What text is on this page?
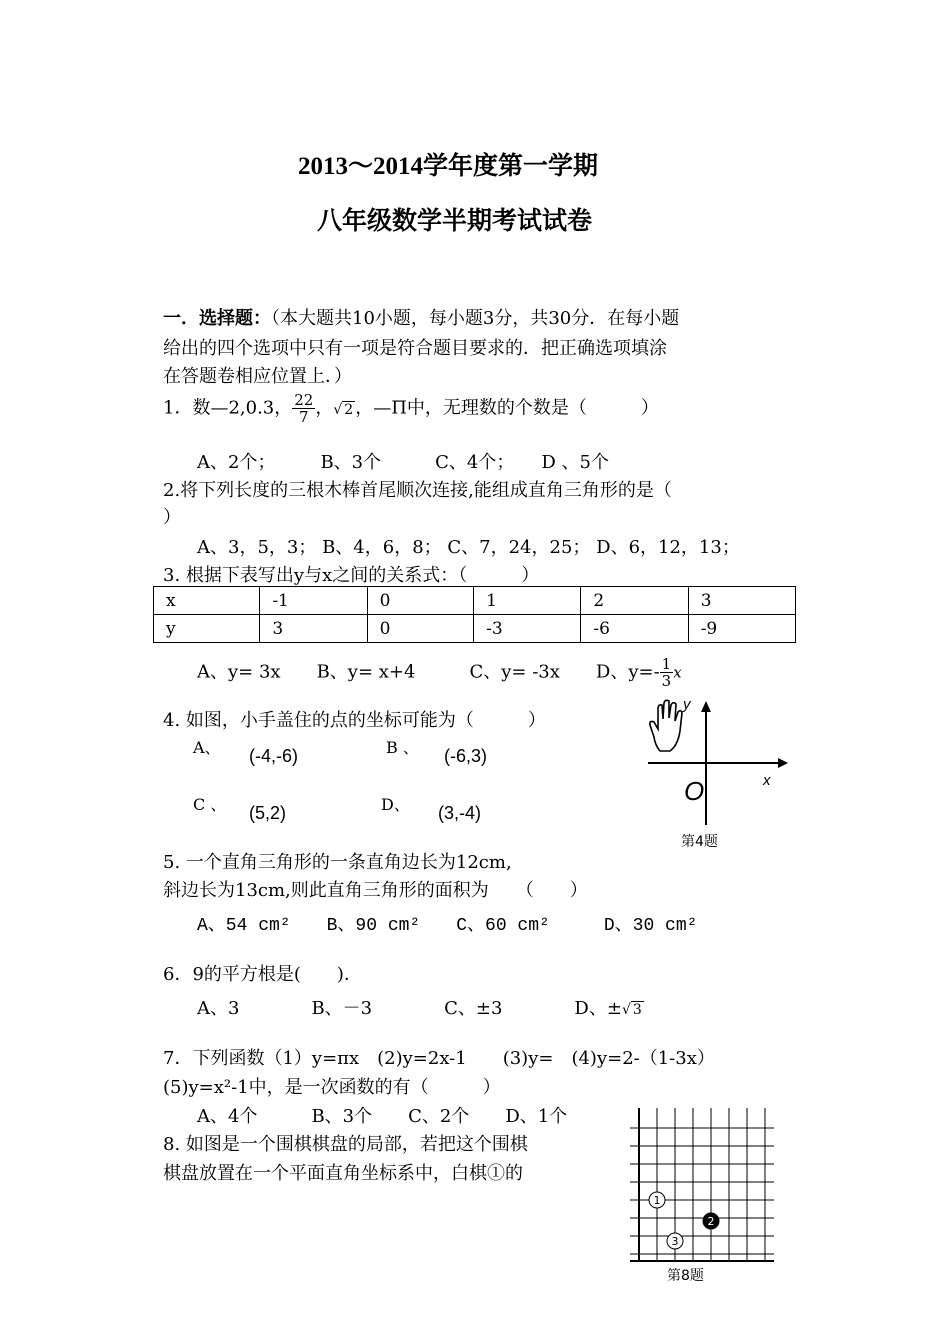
2013～2014学年度第一学期
八年级数学半期考试试卷
一．选择题：（本大题共10小题，每小题3分，共30分．在每小题
给出的四个选项中只有一项是符合题目要求的．把正确选项填涂
在答题卷相应位置上．）
1．数—2,0.3， $\frac{22}{7}$ ，√ 2 ，—Π中，无理数的个数是（　　　）
A、2个；　　　B、3个　　　C、4个；　　D 、5个
2.将下列长度的三根木棒首尾顺次连接,能组成直角三角形的是（
）
A、3，5，3； B、4，6，8； C、7，24，25； D、6，12，13；
3. 根据下表写出y与x之间的关系式：（　　　）
x	-1	0	1	2	3
y	3	0	-3	-6	-9
A、y= 3x　　B、y= x+4　　　C、y= -3x　　D、$y=- \frac{1}{3}$ x
4. 如图，小手盖住的点的坐标可能为（　　　）
A、 (-4,-6)	B 、 (-6,3)
C 、 (5,2)	D、 (3,-4)
y
x
O
第4题
5. 一个直角三角形的一条直角边长为12cm,
斜边长为13cm,则此直角三角形的面积为　　（　　）
A、54 cm²　　B、90 cm²　　C、60 cm²　　　D、30 cm²
6．9的平方根是(　　)．
A、3　　　　B、－3　　　　C、±3　　　　D、±√ 3
7．下列函数（1）y=πx　(2)y=2x-1　　(3)y=　(4)y=2-（1-3x）
(5)y=x²-1中，是一次函数的有（　　　）
A、4个　　　B、3个　　C、2个　　D、1个
8. 如图是一个围棋棋盘的局部，若把这个围棋
棋盘放置在一个平面直角坐标系中，白棋①的
1
2
3
第8题
